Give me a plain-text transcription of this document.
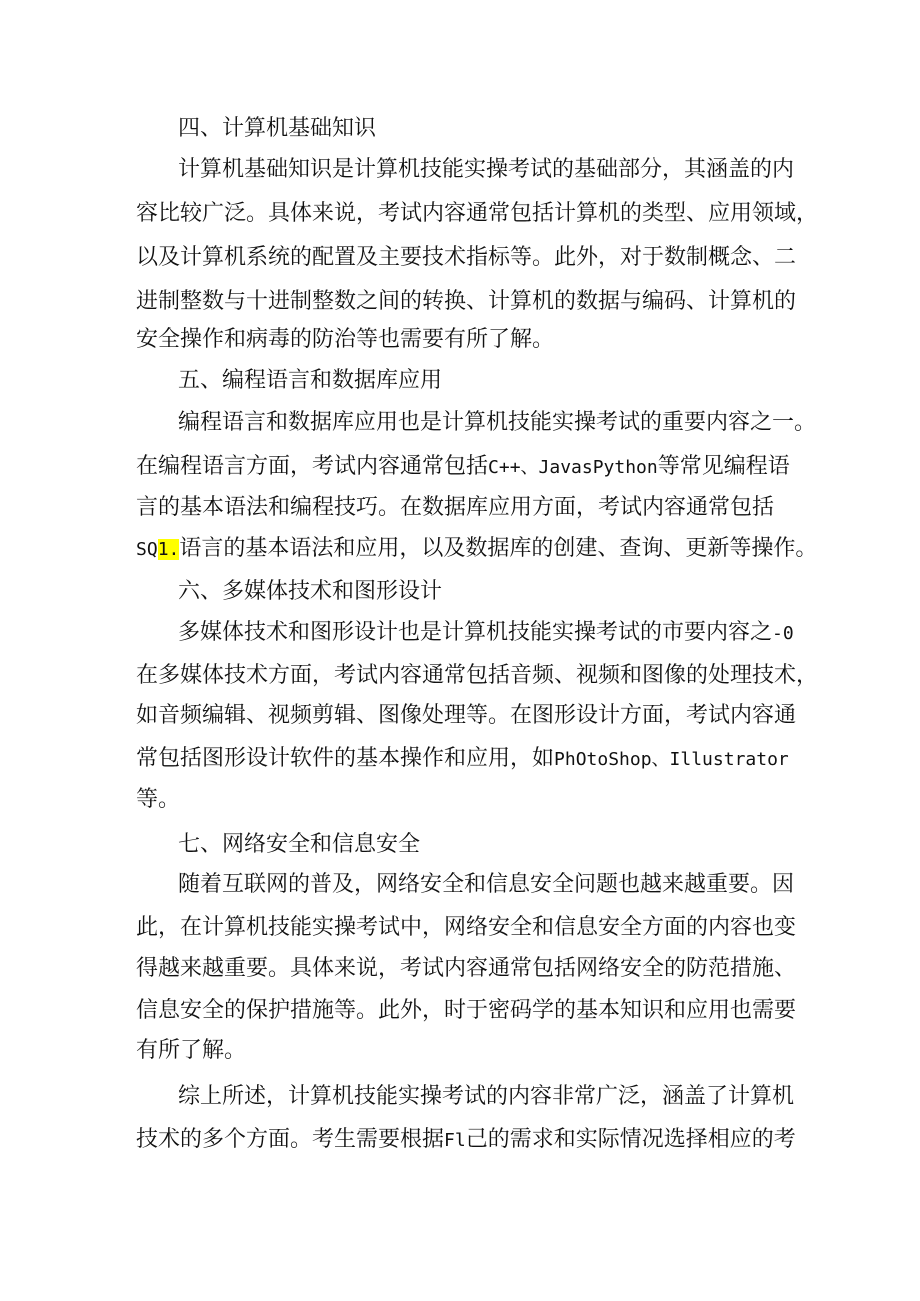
四、计算机基础知识
计算机基础知识是计算机技能实操考试的基础部分，其涵盖的内
容比较广泛。具体来说，考试内容通常包括计算机的类型、应用领域，
以及计算机系统的配置及主要技术指标等。此外，对于数制概念、二
进制整数与十进制整数之间的转换、计算机的数据与编码、计算机的
安全操作和病毒的防治等也需要有所了解。
五、编程语言和数据库应用
编程语言和数据库应用也是计算机技能实操考试的重要内容之一。
在编程语言方面，考试内容通常包括C++、JavasPython等常见编程语
言的基本语法和编程技巧。在数据库应用方面，考试内容通常包括
SQ1.语言的基本语法和应用，以及数据库的创建、查询、更新等操作。
六、多媒体技术和图形设计
多媒体技术和图形设计也是计算机技能实操考试的市要内容之-0
在多媒体技术方面，考试内容通常包括音频、视频和图像的处理技术，
如音频编辑、视频剪辑、图像处理等。在图形设计方面，考试内容通
常包括图形设计软件的基本操作和应用，如PhOtoShop、Illustrator
等。
七、网络安全和信息安全
随着互联网的普及，网络安全和信息安全问题也越来越重要。因
此，在计算机技能实操考试中，网络安全和信息安全方面的内容也变
得越来越重要。具体来说，考试内容通常包括网络安全的防范措施、
信息安全的保护措施等。此外，时于密码学的基本知识和应用也需要
有所了解。
综上所述，计算机技能实操考试的内容非常广泛，涵盖了计算机
技术的多个方面。考生需要根据Fl己的需求和实际情况选择相应的考
